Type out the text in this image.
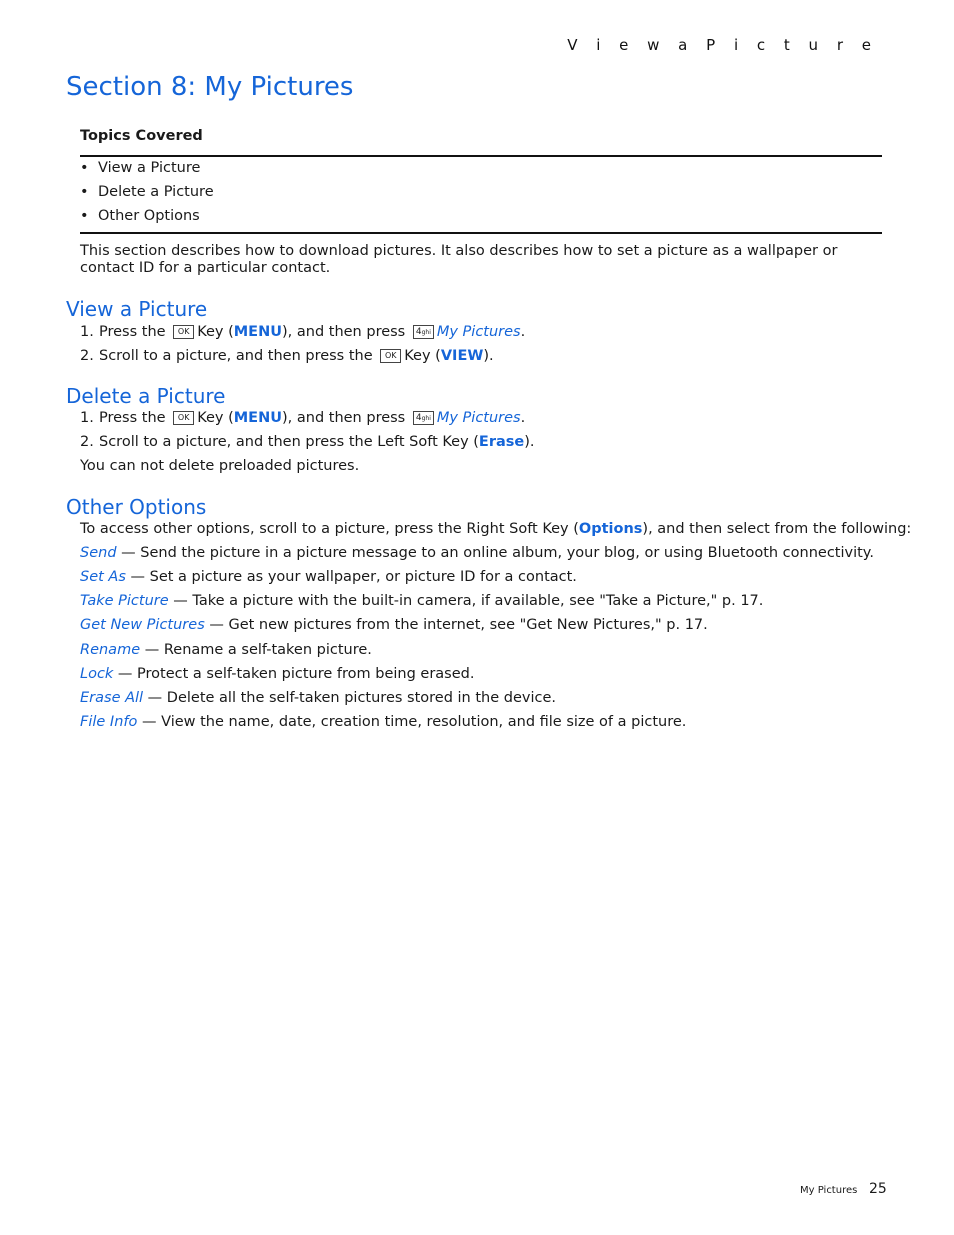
V i e w a P i c t u r e
Section 8: My Pictures
Topics Covered
• View a Picture
• Delete a Picture
• Other Options

This section describes how to download pictures. It also describes how to set a picture as a wallpaper or contact ID for a particular contact.

View a Picture
1. Press the OK Key (MENU), and then press 4ghi My Pictures.
2. Scroll to a picture, and then press the OK Key (VIEW).
Delete a Picture
1. Press the OK Key (MENU), and then press 4ghi My Pictures.
2. Scroll to a picture, and then press the Left Soft Key (Erase).
You can not delete preloaded pictures.
Other Options
To access other options, scroll to a picture, press the Right Soft Key (Options), and then select from the following:
Send — Send the picture in a picture message to an online album, your blog, or using Bluetooth connectivity.
Set As — Set a picture as your wallpaper, or picture ID for a contact.
Take Picture — Take a picture with the built-in camera, if available, see "Take a Picture," p. 17.
Get New Pictures — Get new pictures from the internet, see "Get New Pictures," p. 17.
Rename — Rename a self-taken picture.
Lock — Protect a self-taken picture from being erased.
Erase All — Delete all the self-taken pictures stored in the device.
File Info — View the name, date, creation time, resolution, and file size of a picture.
My Pictures 25
